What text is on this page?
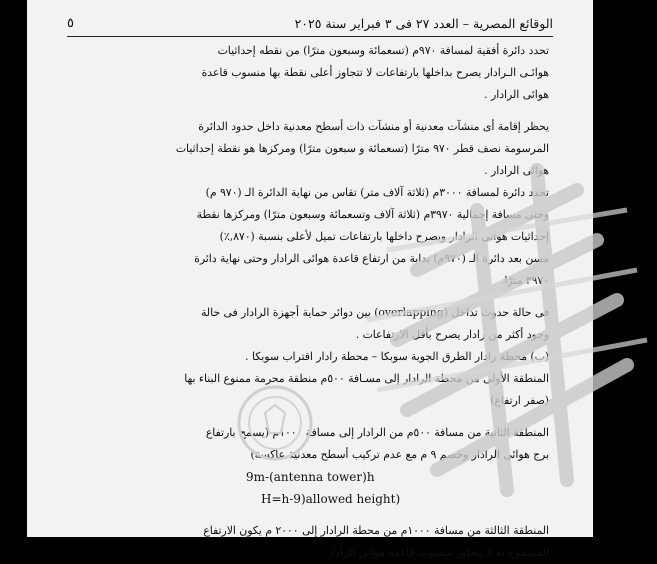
الوقائع المصرية – العدد ٢٧ فى ٣ فبراير سنة ٢٠٢٥
٥
تحدد دائرة أفقية لمسافة ٩٧٠م (تسعمائة وسبعون مترًا) من نقطه إحداثيات
هوائـى الـرادار يصرح بداخلها بارتفاعات لا تتجاوز أعلى نقطة بها منسوب قاعدة
هوائى الرادار .
يحظر إقامة أى منشآت معدنية أو منشآت ذات أسطح معدنية داخل حدود الدائرة
المرسومة نصف قطر ٩٧٠ مترًا (تسعمائة و سبعون مترًا) ومركزها هو نقطة إحداثيات
هوائى الرادار .
تحدد دائرة لمسافة ٣٠٠٠م (ثلاثة آلاف متر) تقاس من نهاية الدائرة الـ (٩٧٠ م)
وحتى مسافة إجمالية ٣٩٧٠م (ثلاثة آلاف وتسعمائة وسبعون مترًا) ومركزها نقطة
إحداثيات هوائى الرادار ويصرح داخلها بارتفاعات تميل لأعلى بنسبة (٨٧٠,٪)
مسن بعد دائرة الـ (٩٧٠م) بداية من ارتفاع قاعدة هوائى الرادار وحتى نهاية دائرة
٣٩٧٠ مترًا.
فى حالة حدوث تداخل (overlapping) بين دوائر حماية أجهزة الرادار فى حالة
وجود أكثر من رادار يصرح بأقل الارتفاعات .
(ب) محطة رادار الطرق الجوية سوبكا – محطة رادار اقتراب سوبكا .
المنطقة الأولى من محطة الرادار إلى مسـافة ٥٠٠م منطقة محرمة ممنوع البناء بها
(صفر ارتفاع)
المنطقة الثانية من مسافة ٥٠٠م من الرادار إلى مسافة ١٠٠٠م (يسمح بارتفاع
برج هوائى الرادار وخصم ٩ م مع عدم تركيب أسطح معدنية عاكسة)
9m-(antenna tower)h
H=h-9)allowed height)
المنطقة الثالثة من مسافة ١٠٠٠م من محطة الرادار إلى ٢٠٠٠ م يكون الارتفاع
المسموح به لا يتجاوز منسوب قاعدة هوائى الرادار .
